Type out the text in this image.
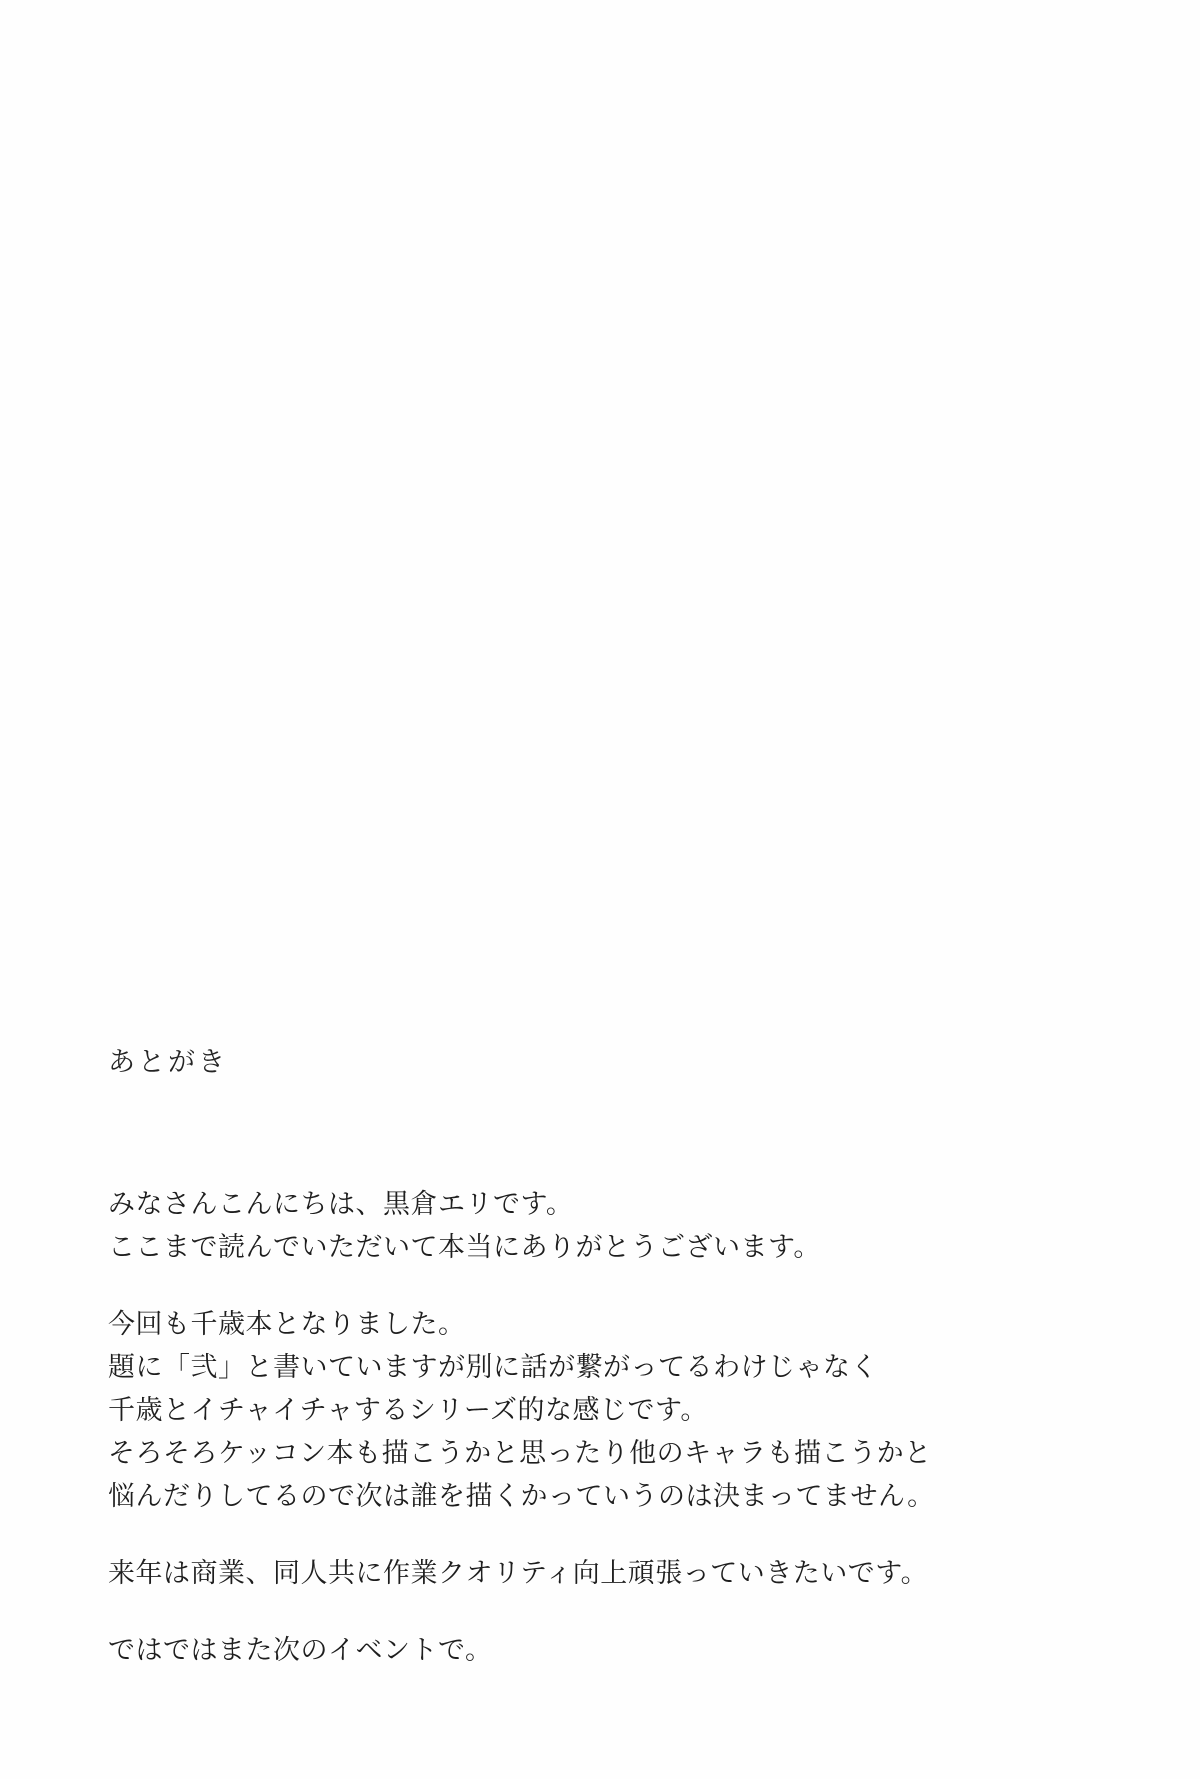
あとがき
みなさんこんにちは、黒倉エリです。
ここまで読んでいただいて本当にありがとうございます。
今回も千歳本となりました。
題に「弐」と書いていますが別に話が繋がってるわけじゃなく
千歳とイチャイチャするシリーズ的な感じです。
そろそろケッコン本も描こうかと思ったり他のキャラも描こうかと
悩んだりしてるので次は誰を描くかっていうのは決まってません。
来年は商業、同人共に作業クオリティ向上頑張っていきたいです。
ではではまた次のイベントで。
